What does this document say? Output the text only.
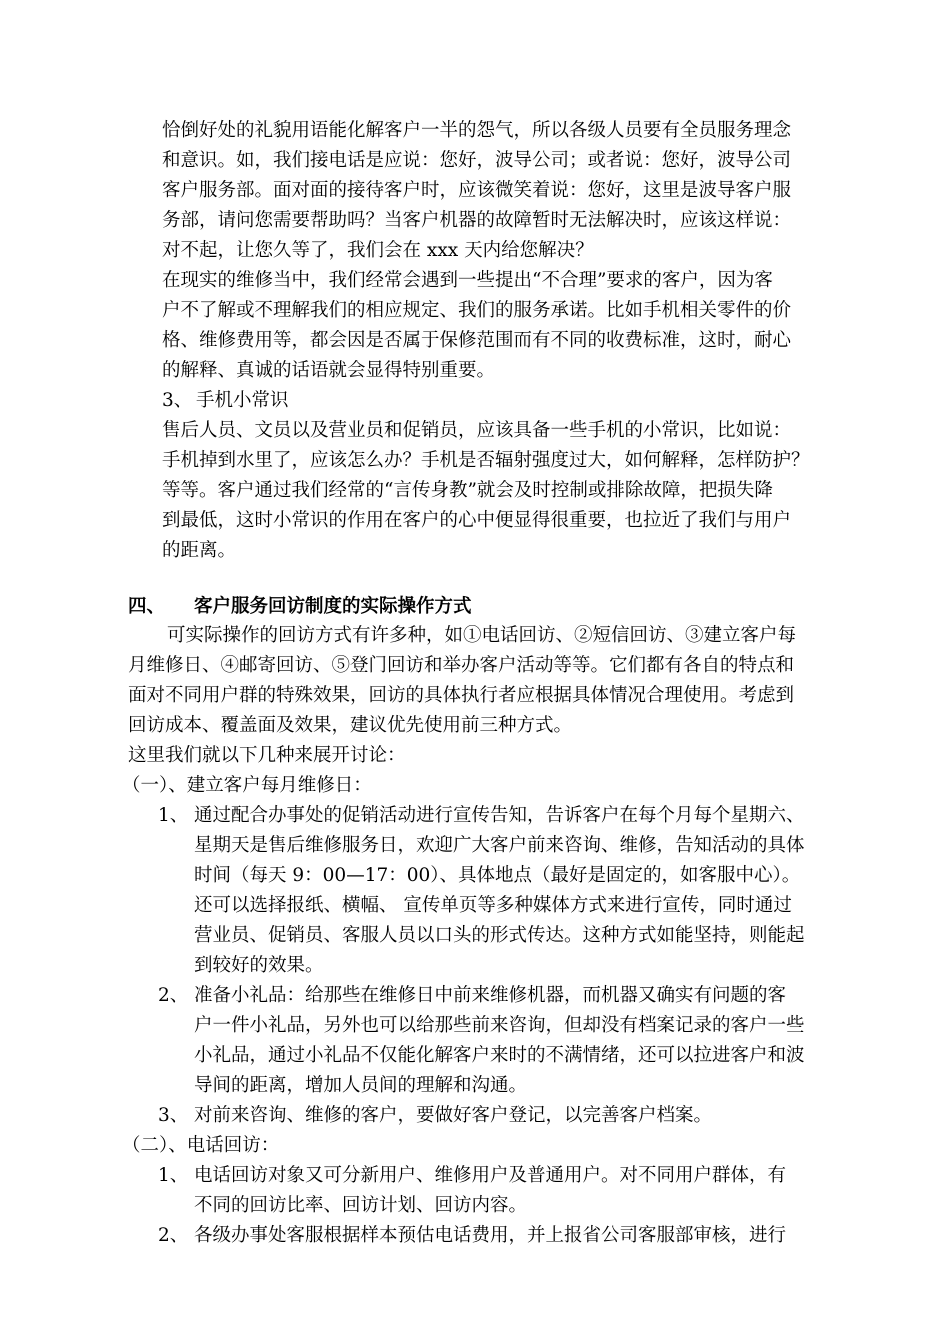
恰倒好处的礼貌用语能化解客户一半的怨气，所以各级人员要有全员服务理念
和意识。如，我们接电话是应说：您好，波导公司；或者说：您好，波导公司
客户服务部。面对面的接待客户时，应该微笑着说：您好，这里是波导客户服
务部，请问您需要帮助吗？当客户机器的故障暂时无法解决时，应该这样说：
对不起，让您久等了，我们会在 xxx 天内给您解决？
在现实的维修当中，我们经常会遇到一些提出“不合理”要求的客户，因为客
户不了解或不理解我们的相应规定、我们的服务承诺。比如手机相关零件的价
格、维修费用等，都会因是否属于保修范围而有不同的收费标准，这时，耐心
的解释、真诚的话语就会显得特别重要。
3、 手机小常识
售后人员、文员以及营业员和促销员，应该具备一些手机的小常识，比如说：
手机掉到水里了，应该怎么办？手机是否辐射强度过大，如何解释，怎样防护？
等等。客户通过我们经常的“言传身教”就会及时控制或排除故障，把损失降
到最低，这时小常识的作用在客户的心中便显得很重要，也拉近了我们与用户
的距离。
四、 客户服务回访制度的实际操作方式
可实际操作的回访方式有许多种，如①电话回访、②短信回访、③建立客户每
月维修日、④邮寄回访、⑤登门回访和举办客户活动等等。它们都有各自的特点和
面对不同用户群的特殊效果，回访的具体执行者应根据具体情况合理使用。考虑到
回访成本、覆盖面及效果，建议优先使用前三种方式。
这里我们就以下几种来展开讨论：
（一）、建立客户每月维修日：
1、 通过配合办事处的促销活动进行宣传告知，告诉客户在每个月每个星期六、
星期天是售后维修服务日，欢迎广大客户前来咨询、维修，告知活动的具体
时间（每天 9：00—17：00）、具体地点（最好是固定的，如客服中心）。
还可以选择报纸、横幅、 宣传单页等多种媒体方式来进行宣传，同时通过
营业员、促销员、客服人员以口头的形式传达。这种方式如能坚持，则能起
到较好的效果。
2、 准备小礼品：给那些在维修日中前来维修机器，而机器又确实有问题的客
户一件小礼品，另外也可以给那些前来咨询，但却没有档案记录的客户一些
小礼品，通过小礼品不仅能化解客户来时的不满情绪，还可以拉进客户和波
导间的距离，增加人员间的理解和沟通。
3、 对前来咨询、维修的客户，要做好客户登记，以完善客户档案。
（二）、电话回访：
1、 电话回访对象又可分新用户、维修用户及普通用户。对不同用户群体，有
不同的回访比率、回访计划、回访内容。
2、 各级办事处客服根据样本预估电话费用，并上报省公司客服部审核，进行
